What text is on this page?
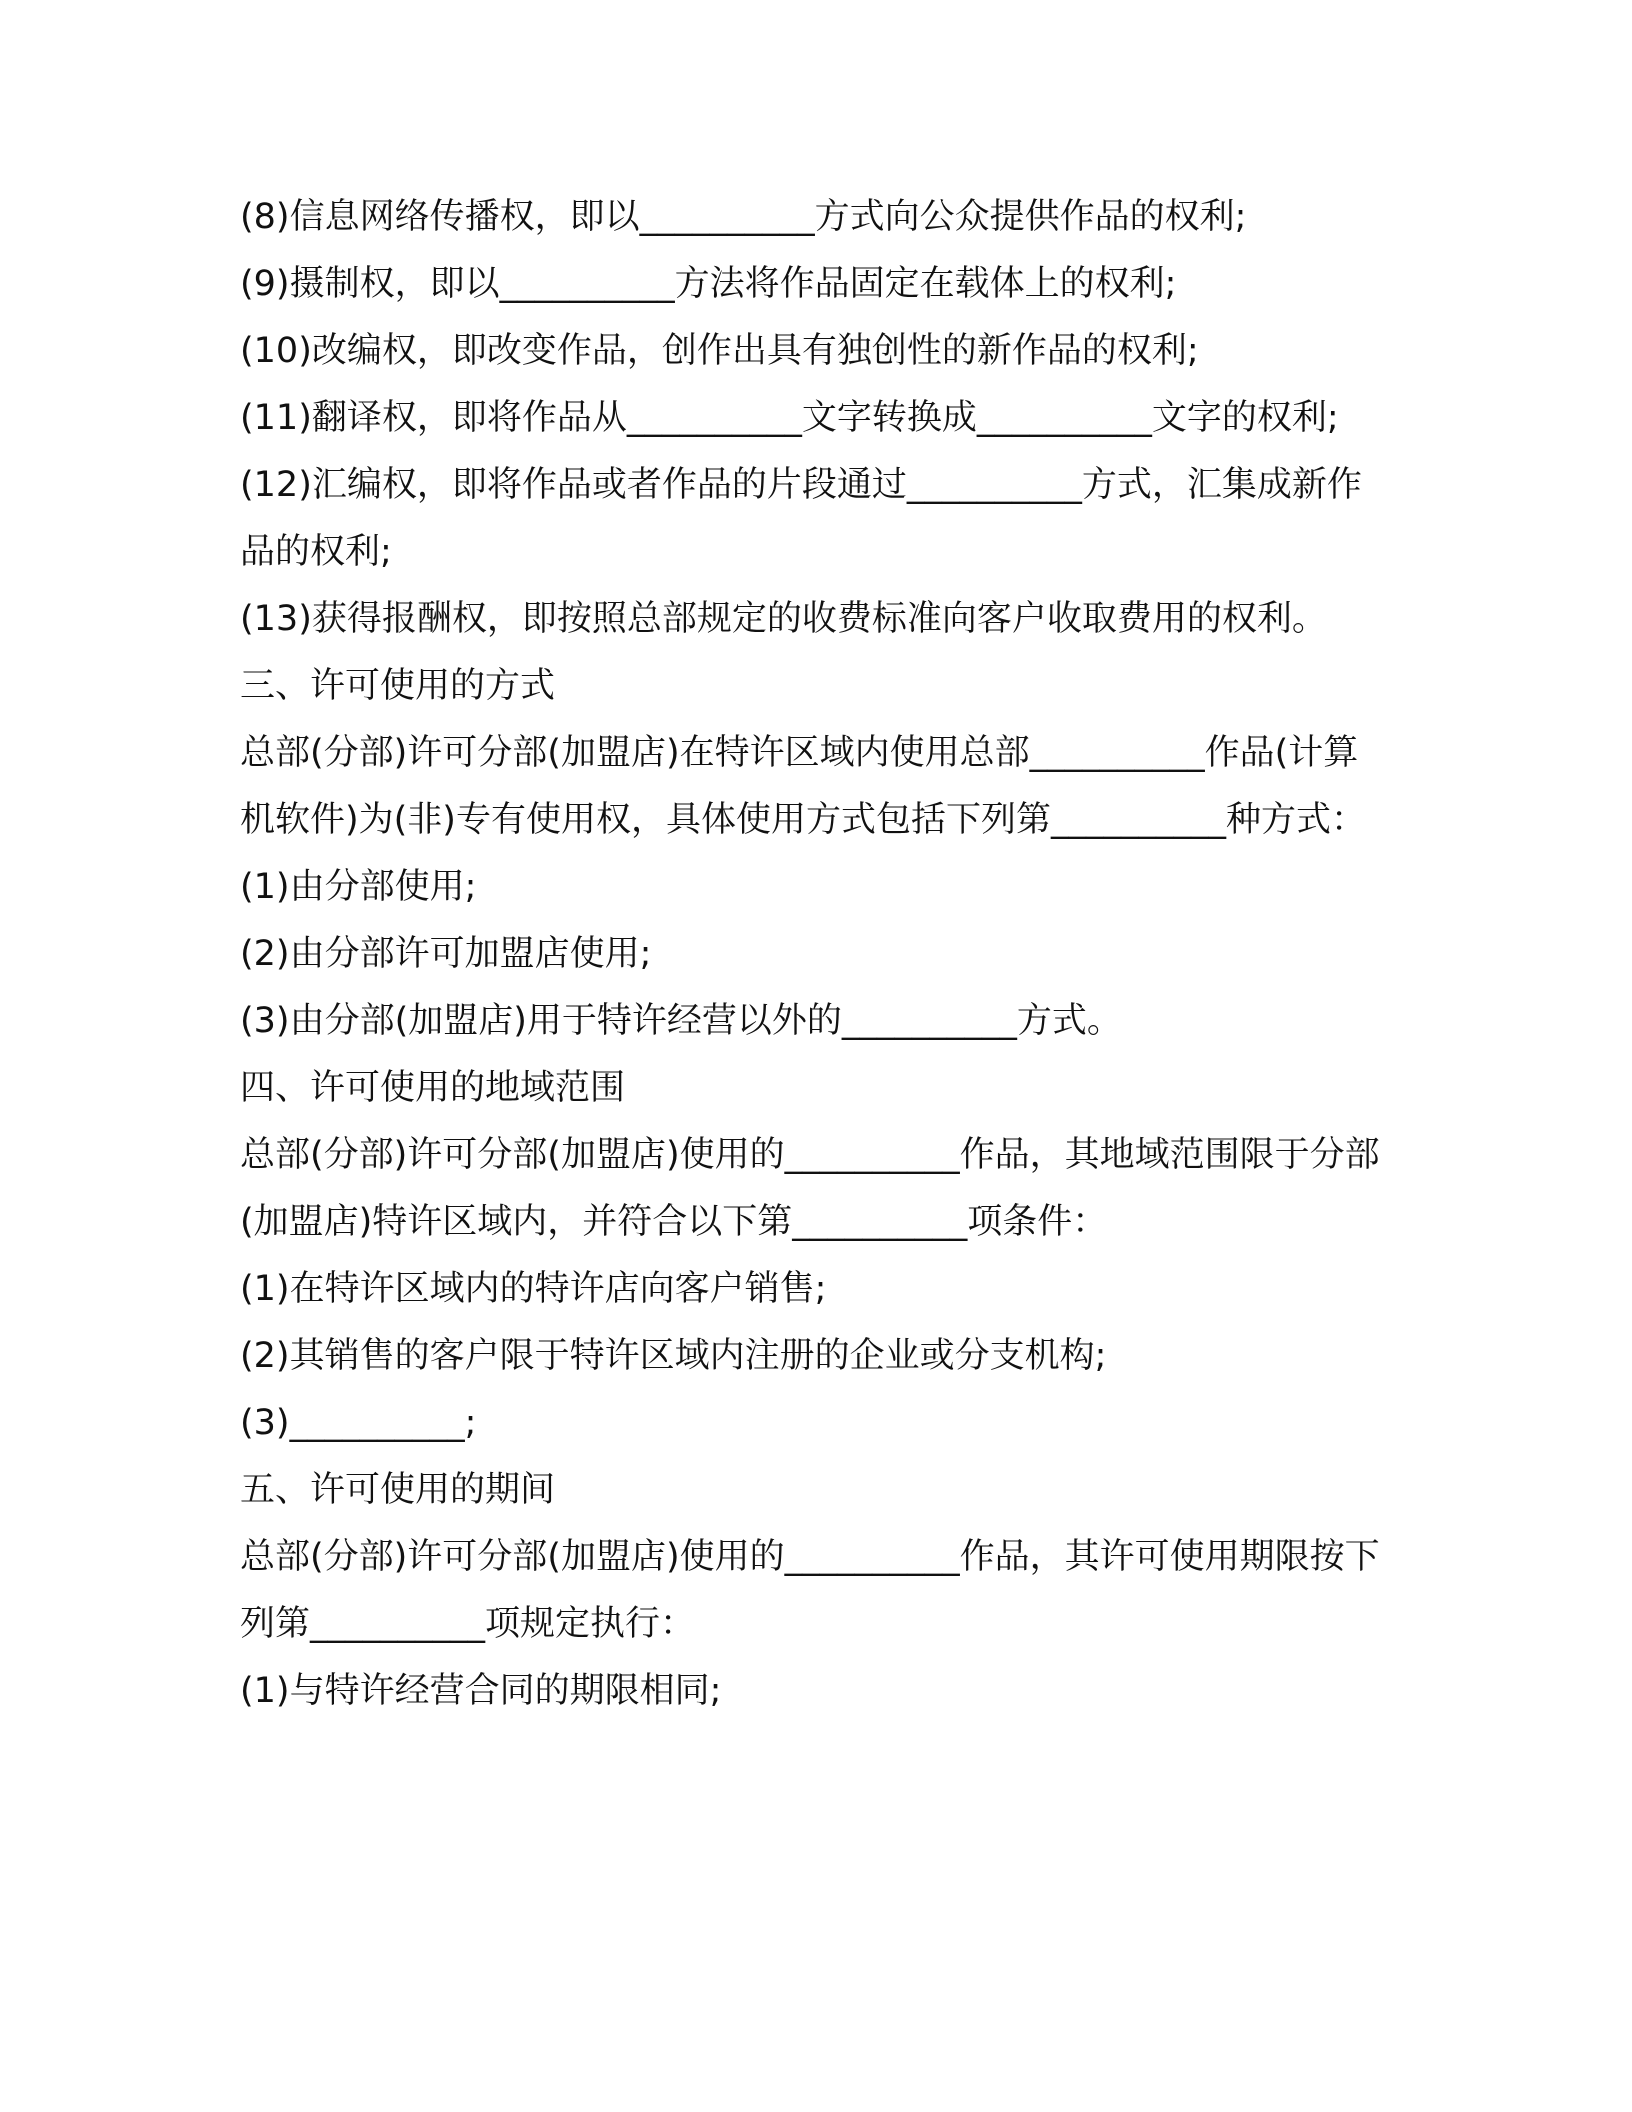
(8)信息网络传播权，即以__________方式向公众提供作品的权利;

(9)摄制权，即以__________方法将作品固定在载体上的权利;

(10)改编权，即改变作品，创作出具有独创性的新作品的权利;

(11)翻译权，即将作品从__________文字转换成__________文字的权利;

(12)汇编权，即将作品或者作品的片段通过__________方式，汇集成新作品的权利;

(13)获得报酬权，即按照总部规定的收费标准向客户收取费用的权利。

三、许可使用的方式

总部(分部)许可分部(加盟店)在特许区域内使用总部__________作品(计算机软件)为(非)专有使用权，具体使用方式包括下列第__________种方式：

(1)由分部使用;

(2)由分部许可加盟店使用;

(3)由分部(加盟店)用于特许经营以外的__________方式。

四、许可使用的地域范围

总部(分部)许可分部(加盟店)使用的__________作品，其地域范围限于分部(加盟店)特许区域内，并符合以下第__________项条件：

(1)在特许区域内的特许店向客户销售;

(2)其销售的客户限于特许区域内注册的企业或分支机构;

(3)__________;

五、许可使用的期间

总部(分部)许可分部(加盟店)使用的__________作品，其许可使用期限按下列第__________项规定执行：

(1)与特许经营合同的期限相同;
